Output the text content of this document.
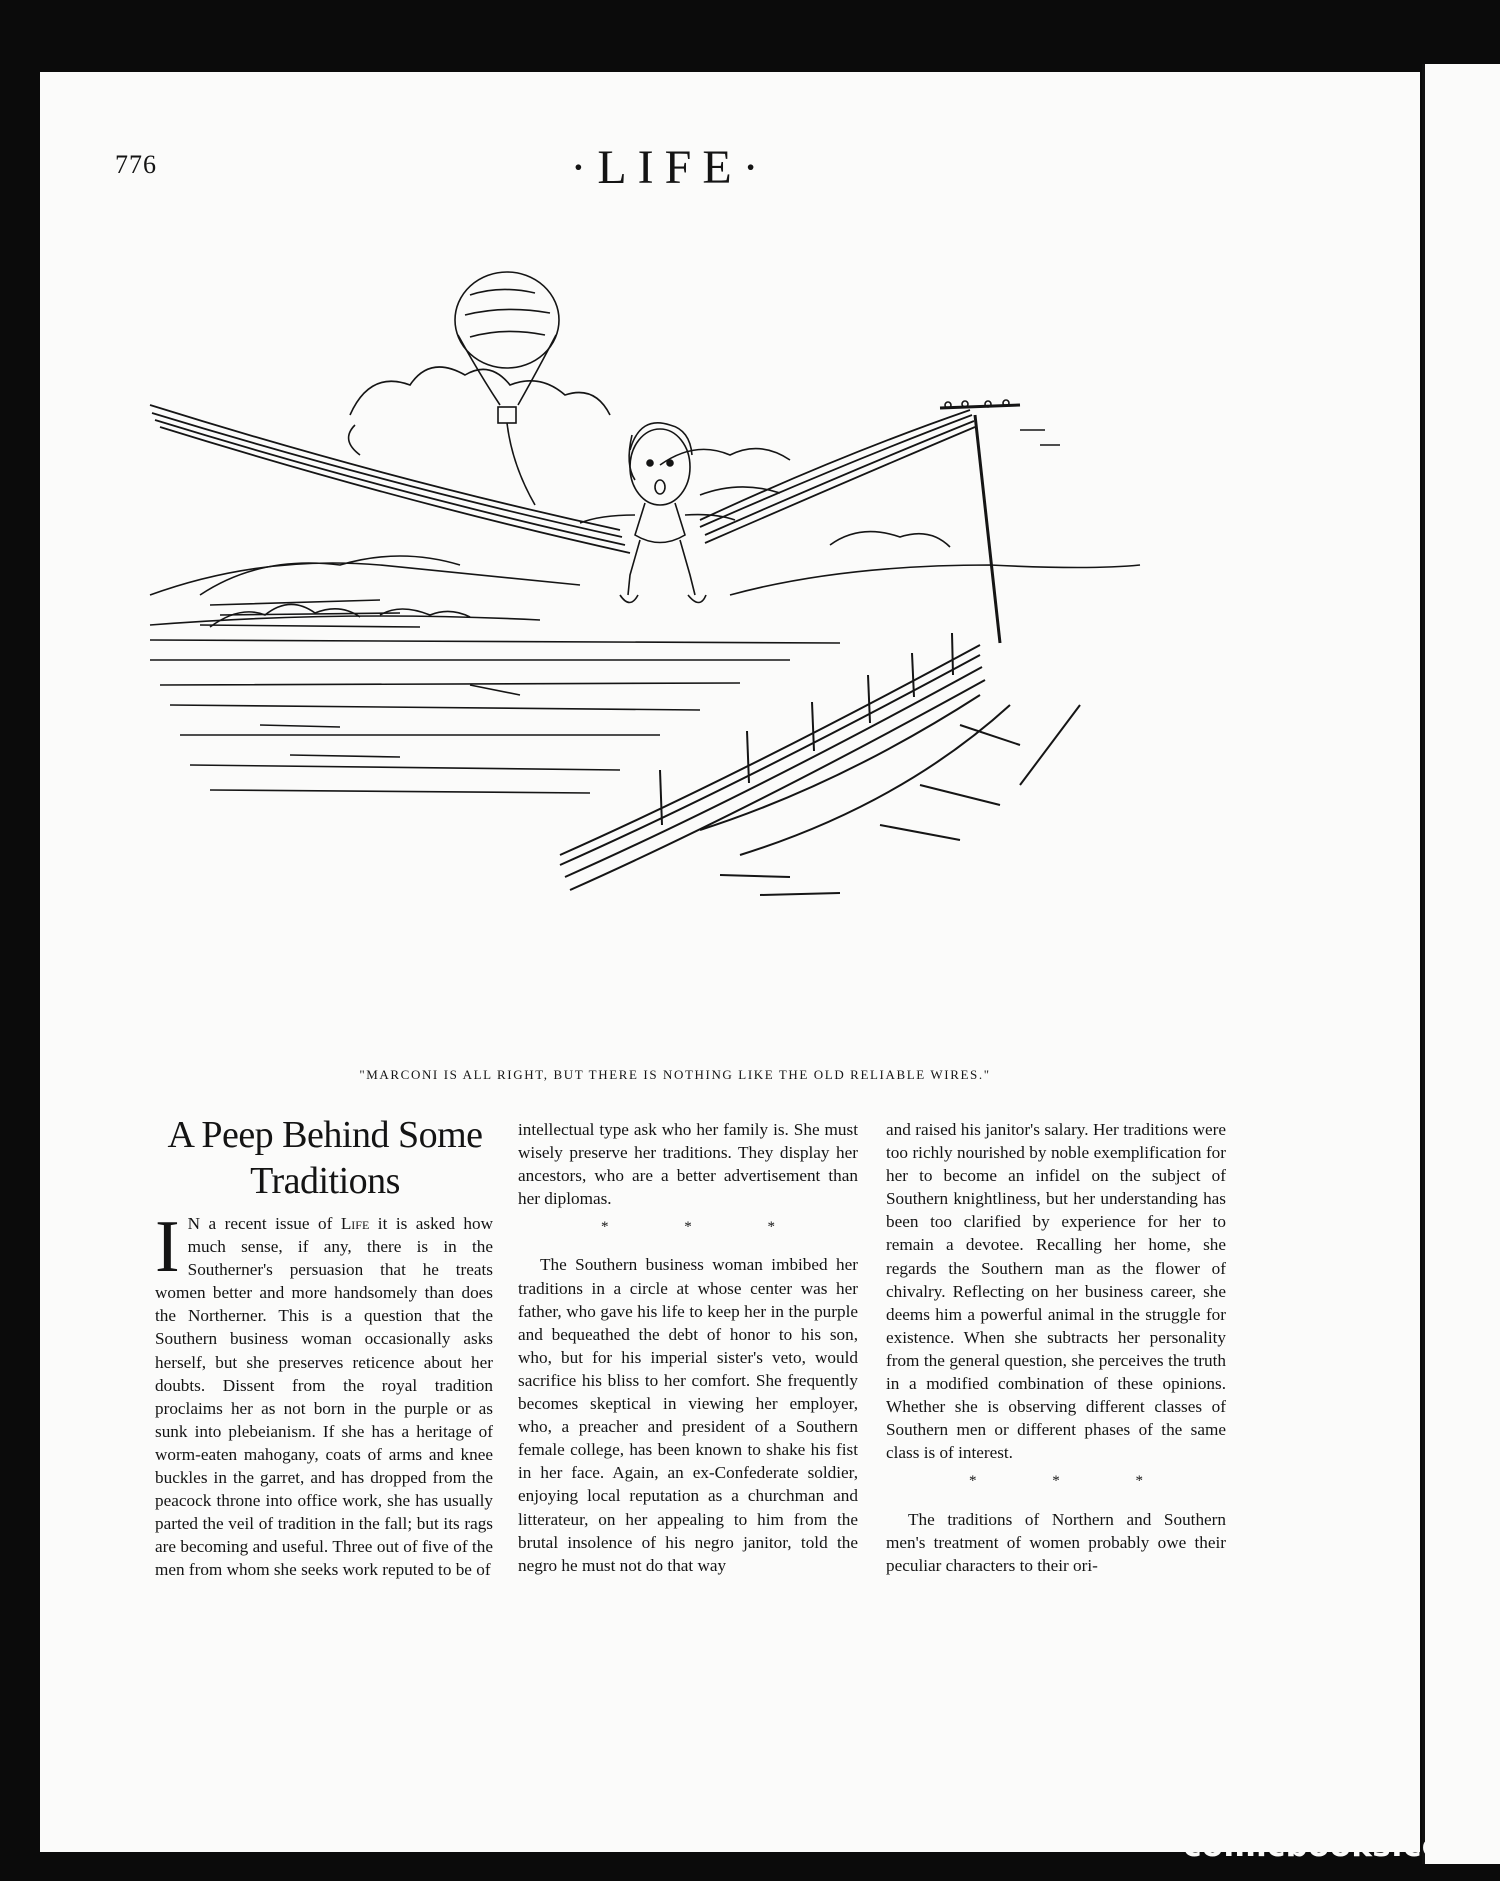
776	·LIFE·
"MARCONI IS ALL RIGHT, BUT THERE IS NOTHING LIKE THE OLD RELIABLE WIRES."
A Peep Behind Some Traditions

I N a recent issue of Life it is asked how much sense, if any, there is in the Southerner's persuasion that he treats women better and more handsomely than does the Northerner. This is a question that the Southern business woman occasionally asks herself, but she preserves reticence about her doubts. Dissent from the royal tradition proclaims her as not born in the purple or as sunk into plebeianism. If she has a heritage of worm-eaten mahogany, coats of arms and knee buckles in the garret, and has dropped from the peacock throne into office work, she has usually parted the veil of tradition in the fall; but its rags are becoming and useful. Three out of five of the men from whom she seeks work reputed to be of

intellectual type ask who her family is. She must wisely preserve her traditions. They display her ancestors, who are a better advertisement than her diplomas.

* * *

The Southern business woman imbibed her traditions in a circle at whose center was her father, who gave his life to keep her in the purple and bequeathed the debt of honor to his son, who, but for his imperial sister's veto, would sacrifice his bliss to her comfort. She frequently becomes skeptical in viewing her employer, who, a preacher and president of a Southern female college, has been known to shake his fist in her face. Again, an ex-Confederate soldier, enjoying local reputation as a churchman and litterateur, on her appealing to him from the brutal insolence of his negro janitor, told the negro he must not do that way

and raised his janitor's salary. Her traditions were too richly nourished by noble exemplification for her to become an infidel on the subject of Southern knightliness, but her understanding has been too clarified by experience for her to remain a devotee. Recalling her home, she regards the Southern man as the flower of chivalry. Reflecting on her business career, she deems him a powerful animal in the struggle for existence. When she subtracts her personality from the general question, she perceives the truth in a modified combination of these opinions. Whether she is observing different classes of Southern men or different phases of the same class is of interest.

* * *

The traditions of Northern and Southern men's treatment of women probably owe their peculiar characters to their ori-

comicbooks.com
